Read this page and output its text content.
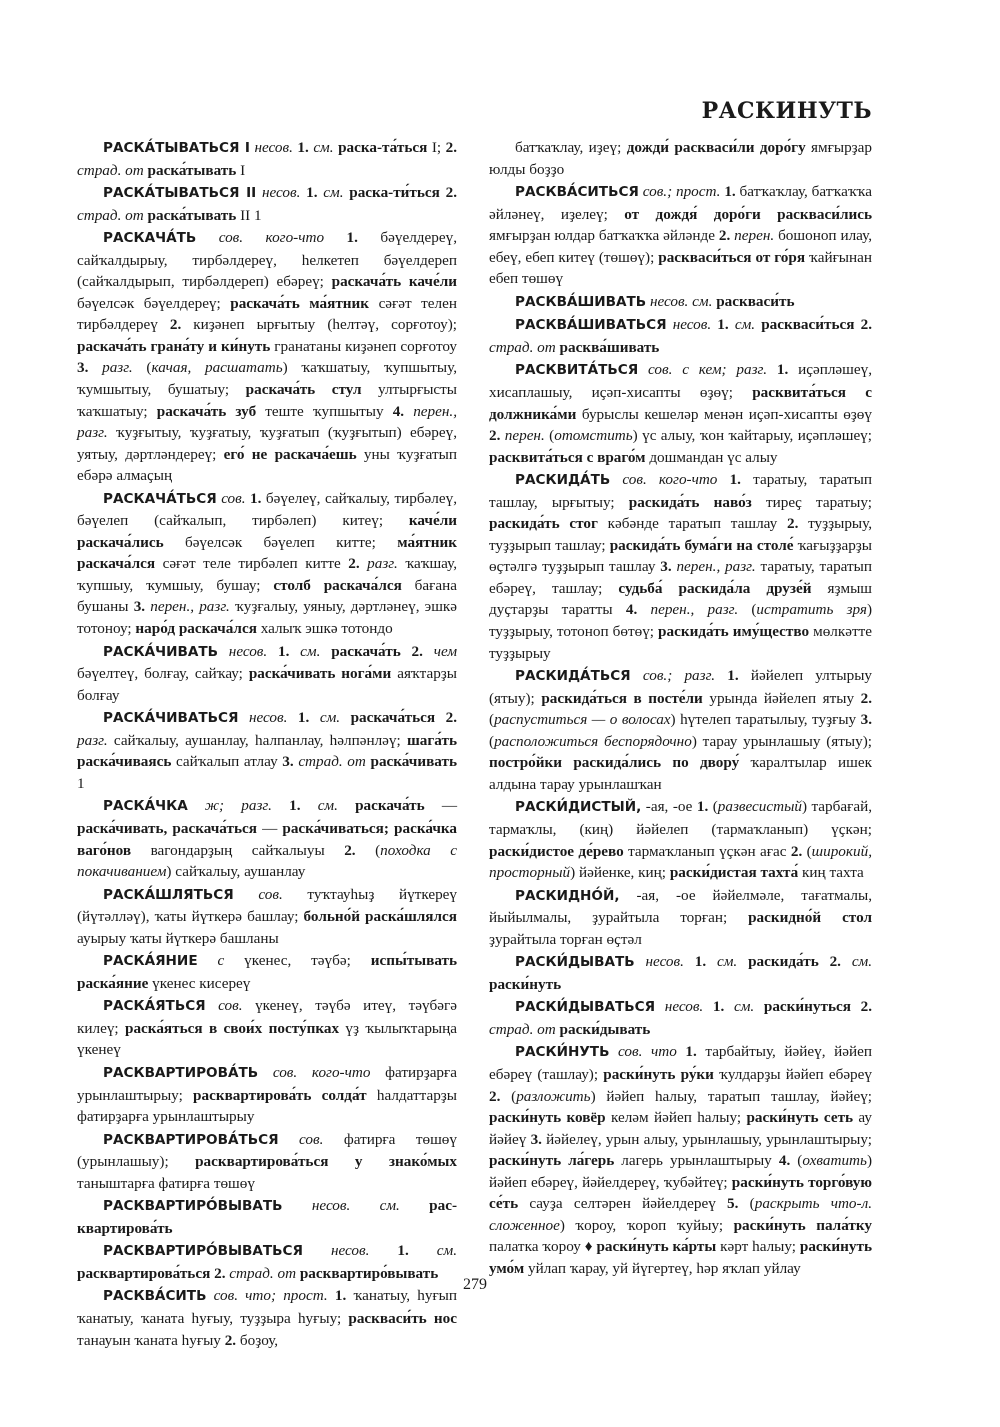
РАСКИНУТЬ

РАСКА́ТЫВАТЬСЯ I несов. 1. см. раска-та́ться I; 2. страд. от раска́тывать I

РАСКА́ТЫВАТЬСЯ II несов. 1. см. раска-ти́ться 2. страд. от раска́тывать II 1

РАСКАЧА́ТЬ сов. кого-что 1. бәүелдереү, сайҡалдырыу, тирбәлдереү, һелкетеп бәүелдереп (сайҡалдырып, тирбәлдереп) ебәреү; раскача́ть каче́ли бәүелсәк бәүелдереү; раскача́ть ма́ятник сәғәт телен тирбәлдереү 2. киҙәнеп ырғытыу (һелтәү, сорғотоу); раскача́ть грана́ту и ки́нуть гранатаны киҙәнеп сорғотоу 3. разг. (качая, расшатать) ҡаҡшатыу, ҡупшытыу, ҡумшытыу, бушатыу; раскача́ть стул ултырғысты ҡаҡшатыу; раскача́ть зуб теште ҡупшытыу 4. перен., разг. ҡуҙғытыу, ҡуҙғатыу, ҡуҙғатып (ҡуҙғытып) ебәреү, уятыу, дәртләндереү; его́ не раскача́ешь уны ҡуҙғатып ебәрә алмаҫың

РАСКАЧА́ТЬСЯ сов. 1. бәүелеү, сайҡалыу, тирбәлеү, бәүелеп (сайҡалып, тирбәлеп) китеү; каче́ли раскача́лись бәүелсәк бәүелеп китте; ма́ятник раскача́лся сәғәт теле тирбәлеп китте 2. разг. ҡаҡшау, ҡупшыу, ҡумшыу, бушау; столб раскача́лся бағана бушаны 3. перен., разг. ҡуҙғалыу, уяныу, дәртләнеү, эшкә тотоноу; наро́д раскача́лся халыҡ эшкә тотондо

РАСКА́ЧИВАТЬ несов. 1. см. раскача́ть 2. чем бәүелтеү, болғау, сайҡау; раска́чивать нога́ми аяҡтарҙы болғау

РАСКА́ЧИВАТЬСЯ несов. 1. см. раскача́ться 2. разг. сайҡалыу, аушанлау, һалпанлау, һәлпәнләү; шага́ть раска́чиваясь сайҡалып атлау 3. страд. от раска́чивать 1

РАСКА́ЧКА ж; разг. 1. см. раскача́ть — раска́чивать, раскача́ться — раска́чиваться; раска́чка ваго́нов вагондарҙың сайҡалыуы 2. (походка с покачиванием) сайҡалыу, аушанлау

РАСКА́ШЛЯТЬСЯ сов. туҡтауһыҙ йүткереү (йүтәлләү), ҡаты йүткерә башлау; больно́й раска́шлялся ауырыу ҡаты йүткерә башланы

РАСКА́ЯНИЕ с үкенес, тәүбә; испы́тывать раска́яние үкенес кисереү

РАСКА́ЯТЬСЯ сов. үкенеү, тәүбә итеү, тәүбәгә килеү; раска́яться в свои́х посту́пках үҙ ҡылыҡтарыңа үкенеү

РАСКВАРТИРОВА́ТЬ сов. кого-что фатирҙарға урынлаштырыу; расквартирова́ть солда́т һалдаттарҙы фатирҙарға урынлаштырыу

РАСКВАРТИРОВА́ТЬСЯ сов. фатирға төшөү (урынлашыу); расквартирова́ться у знако́мых таныштарға фатирға төшөү

РАСКВАРТИРО́ВЫВАТЬ несов. см. рас-квартирова́ть

РАСКВАРТИРО́ВЫВАТЬСЯ несов. 1. см. расквартирова́ться 2. страд. от расквартиро́вывать

РАСКВА́СИТЬ сов. что; прост. 1. ҡанатыу, һуғып ҡанатыу, ҡаната һуғыу, туҙҙыра һуғыу; раскваси́ть нос танауын ҡаната һуғыу 2. боҙоу,

батҡаҡлау, иҙеү; дожди́ раскваси́ли доро́гу ямғырҙар юлды боҙҙо

РАСКВА́СИТЬСЯ сов.; прост. 1. батҡаҡлау, батҡаҡҡа әйләнеү, иҙелеү; от дождя́ доро́ги раскваси́лись ямғырҙан юлдар батҡаҡҡа әйләнде 2. перен. бошоноп илау, ебеү, ебеп китеү (төшөү); раскваси́ться от го́ря ҡайғынан ебеп төшөү

РАСКВА́ШИВАТЬ несов. см. раскваси́ть

РАСКВА́ШИВАТЬСЯ несов. 1. см. раскваси́ться 2. страд. от расква́шивать

РАСКВИТА́ТЬСЯ сов. с кем; разг. 1. иҫәпләшеү, хисаплашыу, иҫәп-хисапты өҙөү; расквита́ться с должника́ми бурыслы кешеләр менән иҫәп-хисапты өҙөү 2. перен. (отомстить) үс алыу, ҡон ҡайтарыу, иҫәпләшеү; расквита́ться с враго́м дошмандан үс алыу

РАСКИДА́ТЬ сов. кого-что 1. таратыу, таратып ташлау, ырғытыу; раскида́ть наво́з тиреҫ таратыу; раскида́ть стог кәбәнде таратып ташлау 2. туҙҙырыу, туҙҙырып ташлау; раскида́ть бума́ги на столе́ ҡағыҙҙарҙы өҫтәлгә туҙҙырып ташлау 3. перен., разг. таратыу, таратып ебәреү, ташлау; судьба́ раскида́ла друзе́й яҙмыш дуҫтарҙы таратты 4. перен., разг. (истратить зря) туҙҙырыу, тотоноп бөтөү; раскида́ть иму́щество мөлкәтте туҙҙырыу

РАСКИДА́ТЬСЯ сов.; разг. 1. йәйелеп ултырыу (ятыу); раскида́ться в посте́ли урында йәйелеп ятыу 2. (распуститься — о волосах) һүтелеп таратылыу, туҙғыу 3. (расположиться беспорядочно) тарау урынлашыу (ятыу); постро́йки раскида́лись по двору́ ҡаралтылар ишек алдына тарау урынлашҡан

РАСКИ́ДИСТЫЙ, -ая, -ое 1. (развесистый) тарбағай, тармаҡлы, (киң) йәйелеп (тармаҡланып) үҫкән; раски́дистое де́рево тармаҡланып үҫкән ағас 2. (широкий, просторный) йәйенке, киң; раски́дистая тахта́ киң тахта

РАСКИДНО́Й, -ая, -ое йәйелмәле, тағатмалы, йыйылмалы, ҙурайтыла торған; раскидно́й стол ҙурайтыла торған өҫтәл

РАСКИ́ДЫВАТЬ несов. 1. см. раскида́ть 2. см. раски́нуть

РАСКИ́ДЫВАТЬСЯ несов. 1. см. раски́нуться 2. страд. от раски́дывать

РАСКИ́НУТЬ сов. что 1. тарбайтыу, йәйеү, йәйеп ебәреү (ташлау); раски́нуть ру́ки ҡулдарҙы йәйеп ебәреү 2. (разложить) йәйеп һалыу, таратып ташлау, йәйеү; раски́нуть ковёр келәм йәйеп һалыу; раски́нуть сеть ау йәйеү 3. йәйелеү, урын алыу, урынлашыу, урынлаштырыу; раски́нуть ла́герь лагерь урынлаштырыу 4. (охватить) йәйеп ебәреү, йәйелдереү, ҡубәйтеү; раски́нуть торго́вую се́ть сауҙа селтәрен йәйелдереү 5. (раскрыть что-л. сложенное) ҡороу, ҡороп ҡуйыу; раски́нуть пала́тку палатка ҡороу ♦ раски́нуть ка́рты кәрт һалыу; раски́нуть умо́м уйлап ҡарау, уй йүгертеү, һәр яҡлап уйлау

279
